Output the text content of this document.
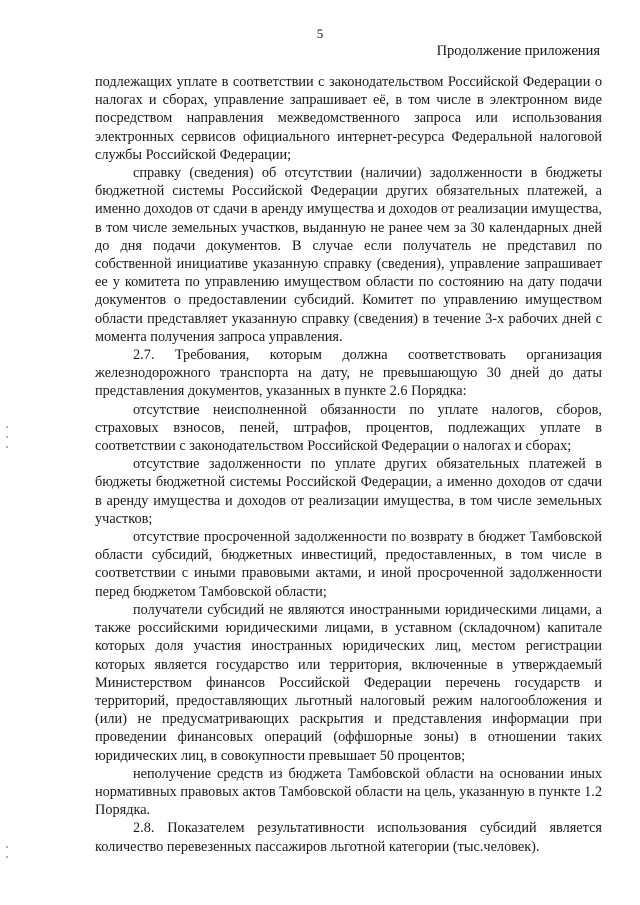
5
Продолжение приложения

подлежащих уплате в соответствии с законодательством Российской Федерации о налогах и сборах, управление запрашивает её, в том числе в электронном виде посредством направления межведомственного запроса или использования электронных сервисов официального интернет-ресурса Федеральной налоговой службы Российской Федерации;

справку (сведения) об отсутствии (наличии) задолженности в бюджеты бюджетной системы Российской Федерации других обязательных платежей, а именно доходов от сдачи в аренду имущества и доходов от реализации имущества, в том числе земельных участков, выданную не ранее чем за 30 календарных дней до дня подачи документов. В случае если получатель не представил по собственной инициативе указанную справку (сведения), управление запрашивает ее у комитета по управлению имуществом области по состоянию на дату подачи документов о предоставлении субсидий. Комитет по управлению имуществом области представляет указанную справку (сведения) в течение 3-х рабочих дней с момента получения запроса управления.

2.7. Требования, которым должна соответствовать организация железнодорожного транспорта на дату, не превышающую 30 дней до даты представления документов, указанных в пункте 2.6 Порядка:

отсутствие неисполненной обязанности по уплате налогов, сборов, страховых взносов, пеней, штрафов, процентов, подлежащих уплате в соответствии с законодательством Российской Федерации о налогах и сборах;

отсутствие задолженности по уплате других обязательных платежей в бюджеты бюджетной системы Российской Федерации, а именно доходов от сдачи в аренду имущества и доходов от реализации имущества, в том числе земельных участков;

отсутствие просроченной задолженности по возврату в бюджет Тамбовской области субсидий, бюджетных инвестиций, предоставленных, в том числе в соответствии с иными правовыми актами, и иной просроченной задолженности перед бюджетом Тамбовской области;

получатели субсидий не являются иностранными юридическими лицами, а также российскими юридическими лицами, в уставном (складочном) капитале которых доля участия иностранных юридических лиц, местом регистрации которых является государство или территория, включенные в утверждаемый Министерством финансов Российской Федерации перечень государств и территорий, предоставляющих льготный налоговый режим налогообложения и (или) не предусматривающих раскрытия и представления информации при проведении финансовых операций (оффшорные зоны) в отношении таких юридических лиц, в совокупности превышает 50 процентов;

неполучение средств из бюджета Тамбовской области на основании иных нормативных правовых актов Тамбовской области на цель, указанную в пункте 1.2 Порядка.

2.8. Показателем результативности использования субсидий является количество перевезенных пассажиров льготной категории (тыс.человек).
